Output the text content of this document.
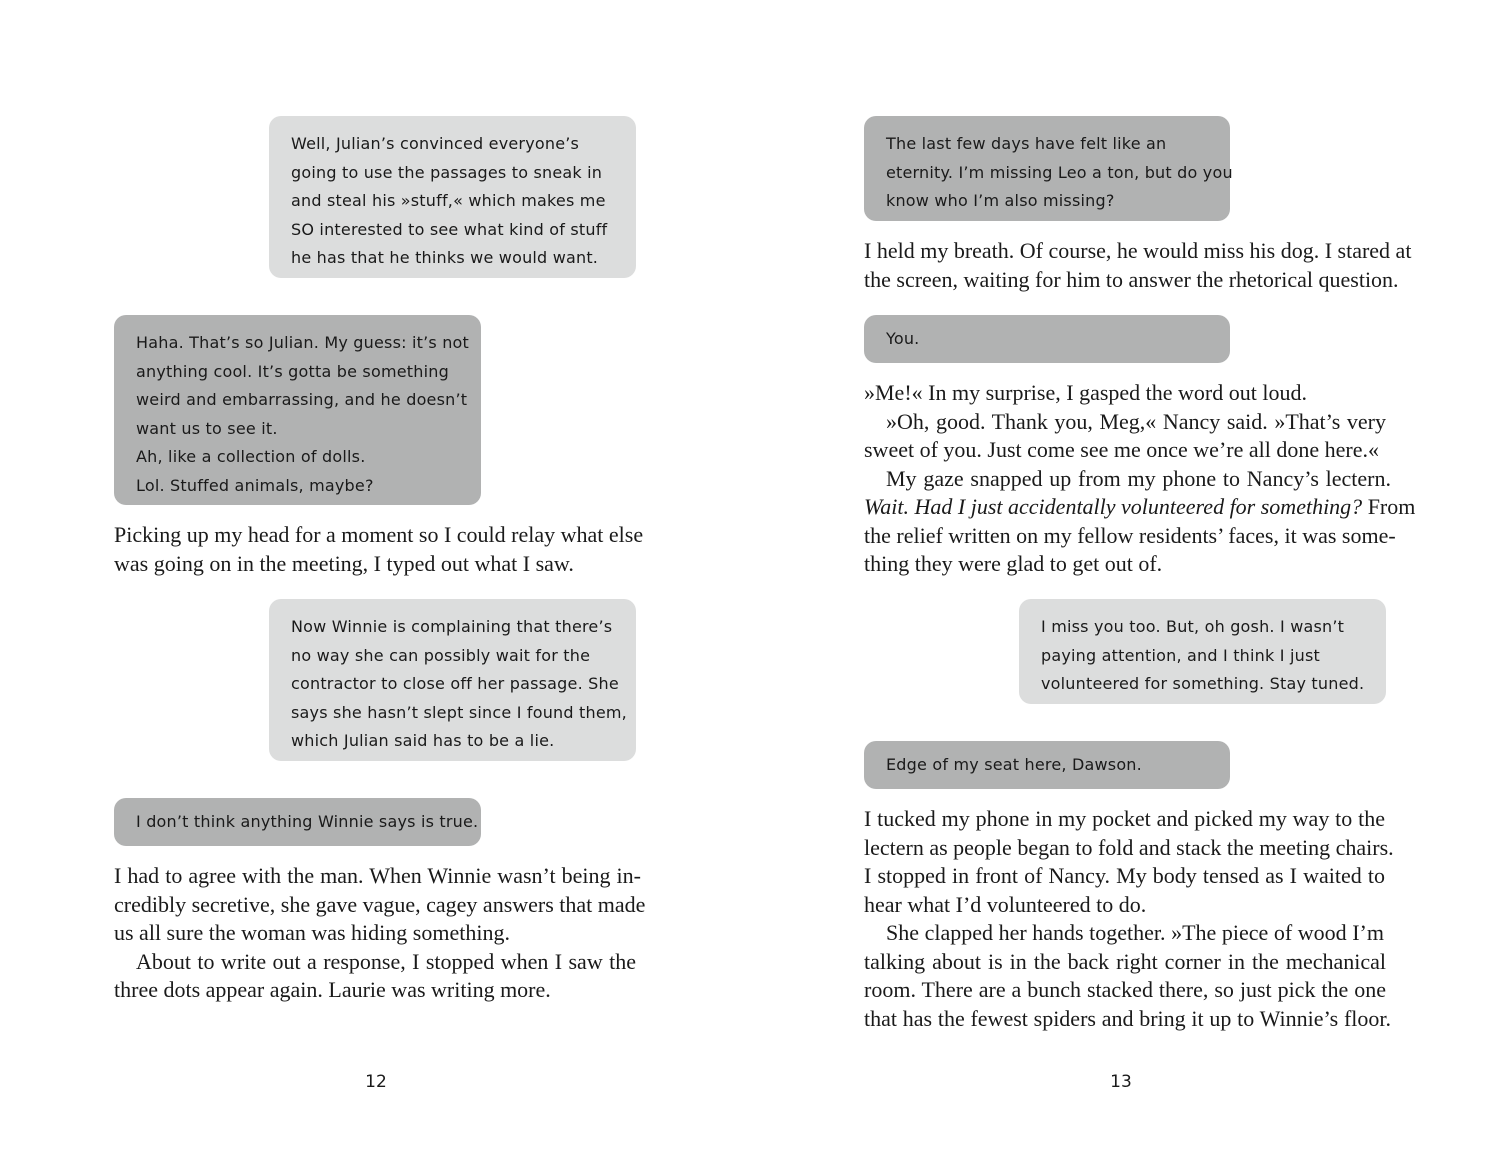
Well, Julian’s convinced everyone’s
going to use the passages to sneak in
and steal his »stuff,« which makes me
SO interested to see what kind of stuff
he has that he thinks we would want.
Haha. That’s so Julian. My guess: it’s not
anything cool. It’s gotta be something
weird and embarrassing, and he doesn’t
want us to see it.
Ah, like a collection of dolls.
Lol. Stuffed animals, maybe?
Picking up my head for a moment so I could relay what else
was going on in the meeting, I typed out what I saw.
Now Winnie is complaining that there’s
no way she can possibly wait for the
contractor to close off her passage. She
says she hasn’t slept since I found them,
which Julian said has to be a lie.
I don’t think anything Winnie says is true.
I had to agree with the man. When Winnie wasn’t being in-
credibly secretive, she gave vague, cagey answers that made
us all sure the woman was hiding something.
About to write out a response, I stopped when I saw the
three dots appear again. Laurie was writing more.
12
The last few days have felt like an
eternity. I’m missing Leo a ton, but do you
know who I’m also missing?
I held my breath. Of course, he would miss his dog. I stared at
the screen, waiting for him to answer the rhetorical question.
You.
»Me!« In my surprise, I gasped the word out loud.
»Oh, good. Thank you, Meg,« Nancy said. »That’s very
sweet of you. Just come see me once we’re all done here.«
My gaze snapped up from my phone to Nancy’s lectern.
Wait. Had I just accidentally volunteered for something? From
the relief written on my fellow residents’ faces, it was some-
thing they were glad to get out of.
I miss you too. But, oh gosh. I wasn’t
paying attention, and I think I just
volunteered for something. Stay tuned.
Edge of my seat here, Dawson.
I tucked my phone in my pocket and picked my way to the
lectern as people began to fold and stack the meeting chairs.
I stopped in front of Nancy. My body tensed as I waited to
hear what I’d volunteered to do.
She clapped her hands together. »The piece of wood I’m
talking about is in the back right corner in the mechanical
room. There are a bunch stacked there, so just pick the one
that has the fewest spiders and bring it up to Winnie’s floor.
13
